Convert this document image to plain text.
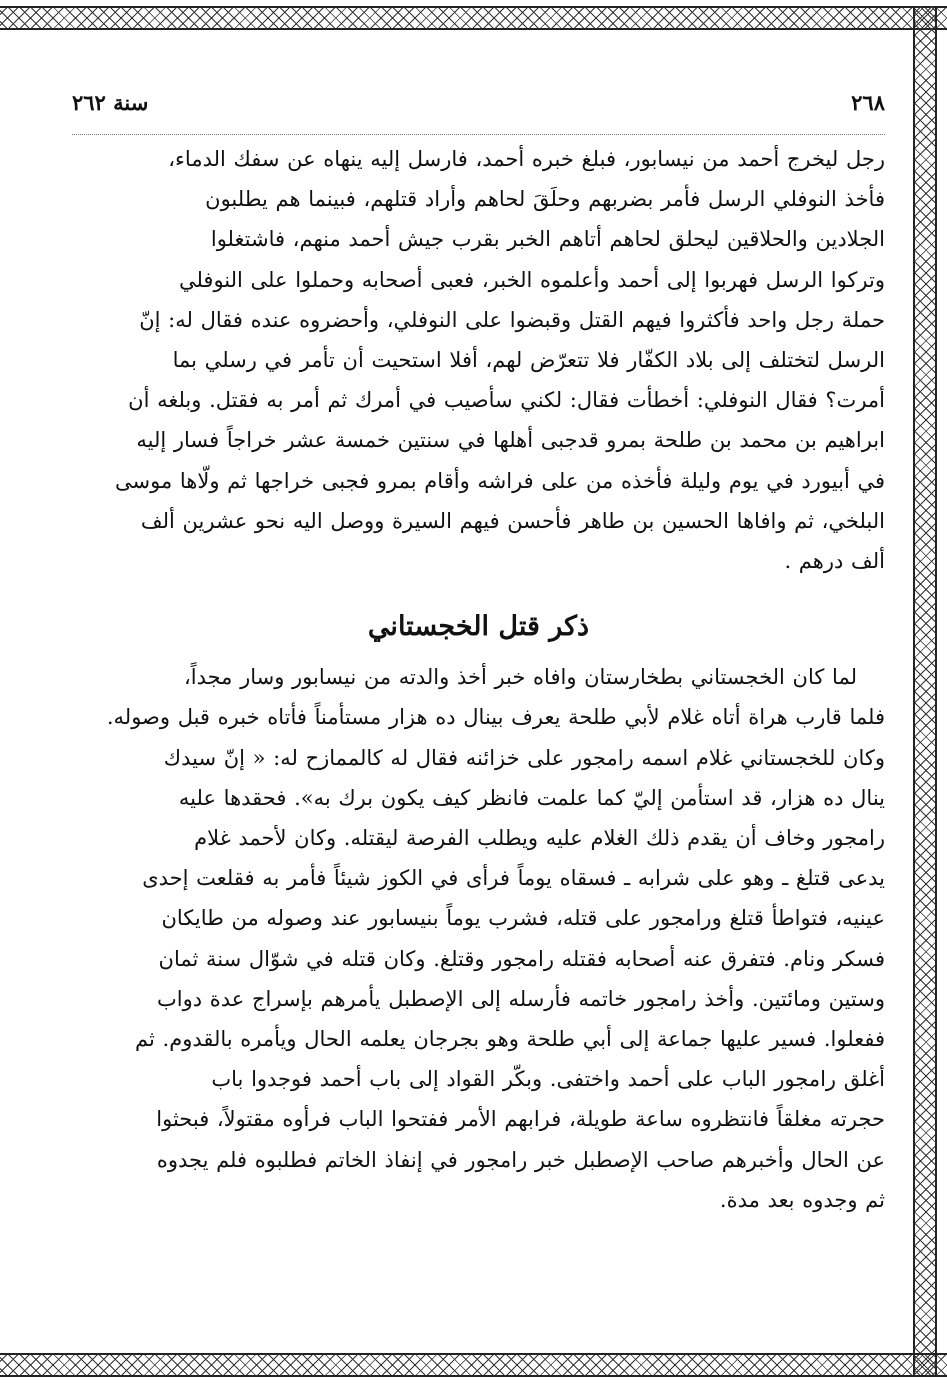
٢٦٨
سنة ٢٦٢

رجل ليخرج أحمد من نيسابور، فبلغ خبره أحمد، فارسل إليه ينهاه عن سفك الدماء،

فأخذ النوفلي الرسل فأمر بضربهم وحلَقَ لحاهم وأراد قتلهم، فبينما هم يطلبون

الجلادين والحلاقين ليحلق لحاهم أتاهم الخبر بقرب جيش أحمد منهم، فاشتغلوا

وتركوا الرسل فهربوا إلى أحمد وأعلموه الخبر، فعبى أصحابه وحملوا على النوفلي

حملة رجل واحد فأكثروا فيهم القتل وقبضوا على النوفلي، وأحضروه عنده فقال له: إنّ

الرسل لتختلف إلى بلاد الكفّار فلا تتعرّض لهم، أفلا استحيت أن تأمر في رسلي بما

أمرت؟ فقال النوفلي: أخطأت فقال: لكني سأصيب في أمرك ثم أمر به فقتل. وبلغه أن

ابراهيم بن محمد بن طلحة بمرو قدجبى أهلها في سنتين خمسة عشر خراجاً فسار إليه

في أبيورد في يوم وليلة فأخذه من على فراشه وأقام بمرو فجبى خراجها ثم ولّاها موسى

البلخي، ثم وافاها الحسين بن طاهر فأحسن فيهم السيرة ووصل اليه نحو عشرين ألف

ألف درهم .

ذكر قتل الخجستاني

لما كان الخجستاني بطخارستان وافاه خبر أخذ والدته من نيسابور وسار مجداً،

فلما قارب هراة أتاه غلام لأبي طلحة يعرف بينال ده هزار مستأمناً فأتاه خبره قبل وصوله.

وكان للخجستاني غلام اسمه رامجور على خزائنه فقال له كالممازح له: « إنّ سيدك

ينال ده هزار، قد استأمن إليّ كما علمت فانظر كيف يكون برك به». فحقدها عليه

رامجور وخاف أن يقدم ذلك الغلام عليه ويطلب الفرصة ليقتله. وكان لأحمد غلام

يدعى قتلغ ـ وهو على شرابه ـ فسقاه يوماً فرأى في الكوز شيئاً فأمر به فقلعت إحدى

عينيه، فتواطأ قتلغ ورامجور على قتله، فشرب يوماً بنيسابور عند وصوله من طايكان

فسكر ونام. فتفرق عنه أصحابه فقتله رامجور وقتلغ. وكان قتله في شوّال سنة ثمان

وستين ومائتين. وأخذ رامجور خاتمه فأرسله إلى الإصطبل يأمرهم بإسراج عدة دواب

ففعلوا. فسير عليها جماعة إلى أبي طلحة وهو بجرجان يعلمه الحال ويأمره بالقدوم. ثم

أغلق رامجور الباب على أحمد واختفى. وبكّر القواد إلى باب أحمد فوجدوا باب

حجرته مغلقاً فانتظروه ساعة طويلة، فرابهم الأمر ففتحوا الباب فرأوه مقتولاً، فبحثوا

عن الحال وأخبرهم صاحب الإصطبل خبر رامجور في إنفاذ الخاتم فطلبوه فلم يجدوه

ثم وجدوه بعد مدة.
